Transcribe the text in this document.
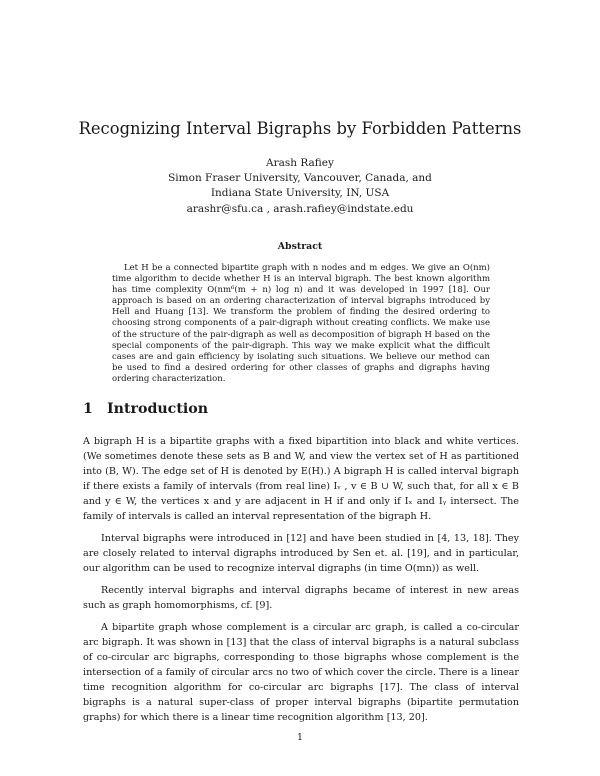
Recognizing Interval Bigraphs by Forbidden Patterns
Arash Rafiey
Simon Fraser University, Vancouver, Canada, and
Indiana State University, IN, USA
arashr@sfu.ca , arash.rafiey@indstate.edu
Abstract

Let H be a connected bipartite graph with n nodes and m edges. We give an O(nm) time algorithm to decide whether H is an interval bigraph. The best known algorithm has time complexity O(nm⁶(m + n) log n) and it was developed in 1997 [18]. Our approach is based on an ordering characterization of interval bigraphs introduced by Hell and Huang [13]. We transform the problem of finding the desired ordering to choosing strong components of a pair-digraph without creating conflicts. We make use of the structure of the pair-digraph as well as decomposition of bigraph H based on the special components of the pair-digraph. This way we make explicit what the difficult cases are and gain efficiency by isolating such situations. We believe our method can be used to find a desired ordering for other classes of graphs and digraphs having ordering characterization.

1 Introduction

A bigraph H is a bipartite graphs with a fixed bipartition into black and white vertices. (We sometimes denote these sets as B and W, and view the vertex set of H as partitioned into (B, W). The edge set of H is denoted by E(H).) A bigraph H is called interval bigraph if there exists a family of intervals (from real line) Iᵥ , v ∈ B ∪ W, such that, for all x ∈ B and y ∈ W, the vertices x and y are adjacent in H if and only if Iₓ and Iᵧ intersect. The family of intervals is called an interval representation of the bigraph H.

Interval bigraphs were introduced in [12] and have been studied in [4, 13, 18]. They are closely related to interval digraphs introduced by Sen et. al. [19], and in particular, our algorithm can be used to recognize interval digraphs (in time O(mn)) as well.

Recently interval bigraphs and interval digraphs became of interest in new areas such as graph homomorphisms, cf. [9].

A bipartite graph whose complement is a circular arc graph, is called a co-circular arc bigraph. It was shown in [13] that the class of interval bigraphs is a natural subclass of co-circular arc bigraphs, corresponding to those bigraphs whose complement is the intersection of a family of circular arcs no two of which cover the circle. There is a linear time recognition algorithm for co-circular arc bigraphs [17]. The class of interval bigraphs is a natural super-class of proper interval bigraphs (bipartite permutation graphs) for which there is a linear time recognition algorithm [13, 20].

1
